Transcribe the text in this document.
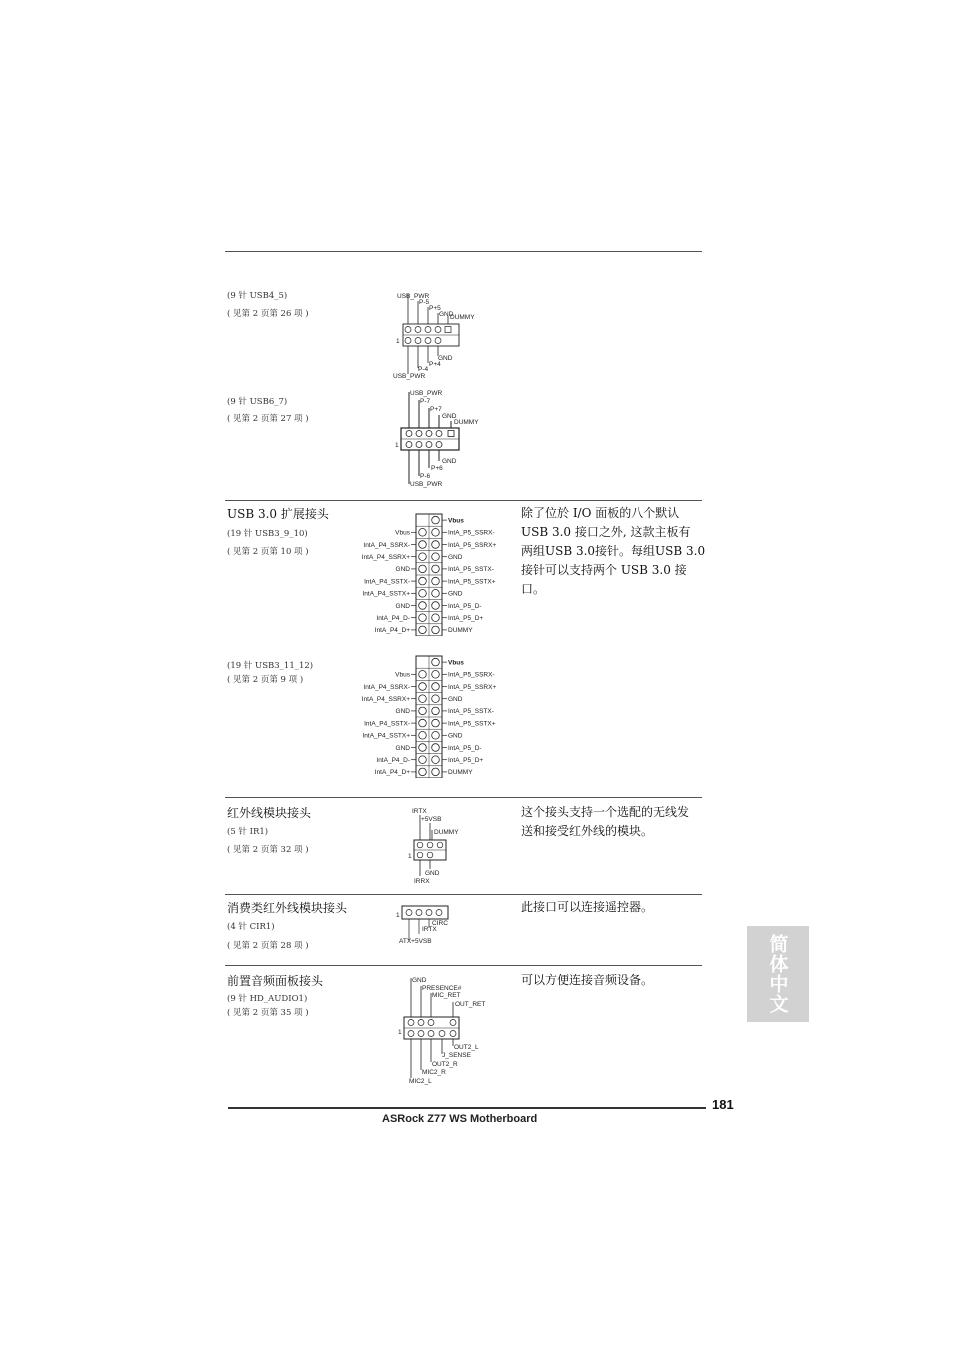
(9 针 USB4_5)
( 见第 2 页第 26 项 )
USB_PWR
P-5
P+5
GND
DUMMY
1
GND
P+4
P-4
USB_PWR
(9 针 USB6_7)
( 见第 2 页第 27 项 )
USB_PWR
P-7
P+7
GND
DUMMY
1
GND
P+6
P-6
USB_PWR
USB 3.0 扩展接头
(19 针 USB3_9_10)
( 见第 2 页第 10 项 )
(19 针 USB3_11_12)
( 见第 2 页第 9 项 )
除了位於 I/O 面板的八个默认
USB 3.0 接口之外, 这款主板有
两组USB 3.0接针。每组USB 3.0
接针可以支持两个 USB 3.0 接
口。
Vbus
IntA_P5_SSRX-
Vbus
IntA_P5_SSRX+
IntA_P4_SSRX-
GND
IntA_P4_SSRX+
IntA_P5_SSTX-
GND
IntA_P5_SSTX+
IntA_P4_SSTX-
GND
IntA_P4_SSTX+
IntA_P5_D-
GND
IntA_P5_D+
IntA_P4_D-
DUMMY
IntA_P4_D+
Vbus
IntA_P5_SSRX-
Vbus
IntA_P5_SSRX+
IntA_P4_SSRX-
GND
IntA_P4_SSRX+
IntA_P5_SSTX-
GND
IntA_P5_SSTX+
IntA_P4_SSTX-
GND
IntA_P4_SSTX+
IntA_P5_D-
GND
IntA_P5_D+
IntA_P4_D-
DUMMY
IntA_P4_D+
红外线模块接头
(5 针 IR1)
( 见第 2 页第 32 项 )
这个接头支持一个选配的无线发
送和接受红外线的模块。
IRTX
+5VSB
DUMMY
1
GND
IRRX
消费类红外线模块接头
(4 针 CIR1)
( 见第 2 页第 28 项 )
此接口可以连接遥控器。
1
CIRC
IRTX
ATX+5VSB
前置音频面板接头
(9 针 HD_AUDIO1)
( 见第 2 页第 35 项 )
可以方便连接音频设备。
GND
PRESENCE#
MIC_RET
OUT_RET
1
OUT2_L
J_SENSE
OUT2_R
MIC2_R
MIC2_L
简体中文
181
ASRock Z77 WS Motherboard
